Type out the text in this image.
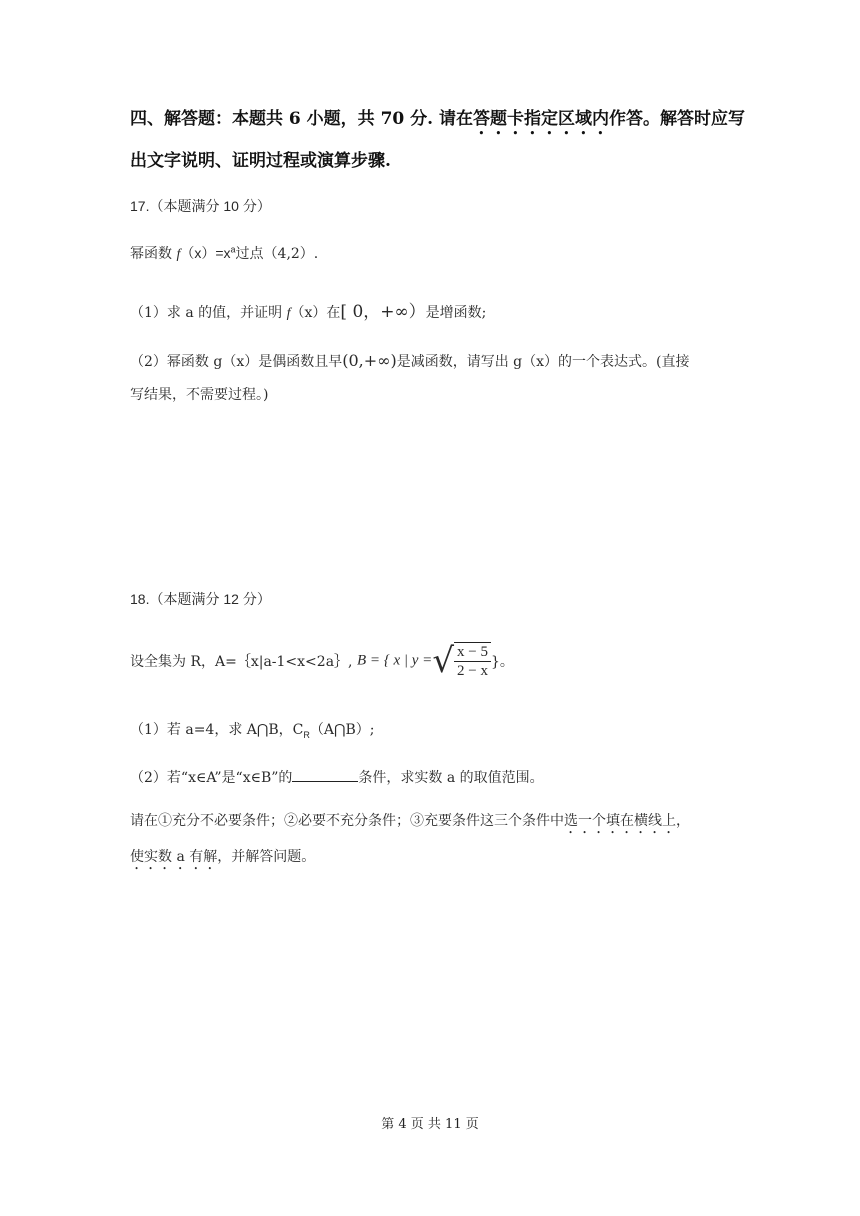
四、解答题：本题共 6 小题，共 70 分. 请在答题卡指定区域内作答。解答时应写
出文字说明、证明过程或演算步骤.
17.（本题满分 10 分）
幂函数 $f(x)=x^a$过点（4,2）.
（1）求 a 的值，并证明 f（x）在[ 0，+∞）是增函数;
（2）幂函数 g（x）是偶函数且早(0,+∞)是减函数，请写出 g（x）的一个表达式。(直接
写结果，不需要过程。)
18.（本题满分 12 分）
设全集为 R，A=｛x|a-1<x<2a｝, B = { x | y =√ $\frac{x - 5}{2 - x}$ }。
（1）若 a=4，求 A⋂B，$C_R(A⋂B)$;
（2）若“x∈A”是“x∈B”的	条件，求实数 a 的取值范围。
请在①充分不必要条件；②必要不充分条件；③充要条件这三个条件中选一个填在横线上，
使实数 a 有解，并解答问题。
第 4 页 共 11 页
